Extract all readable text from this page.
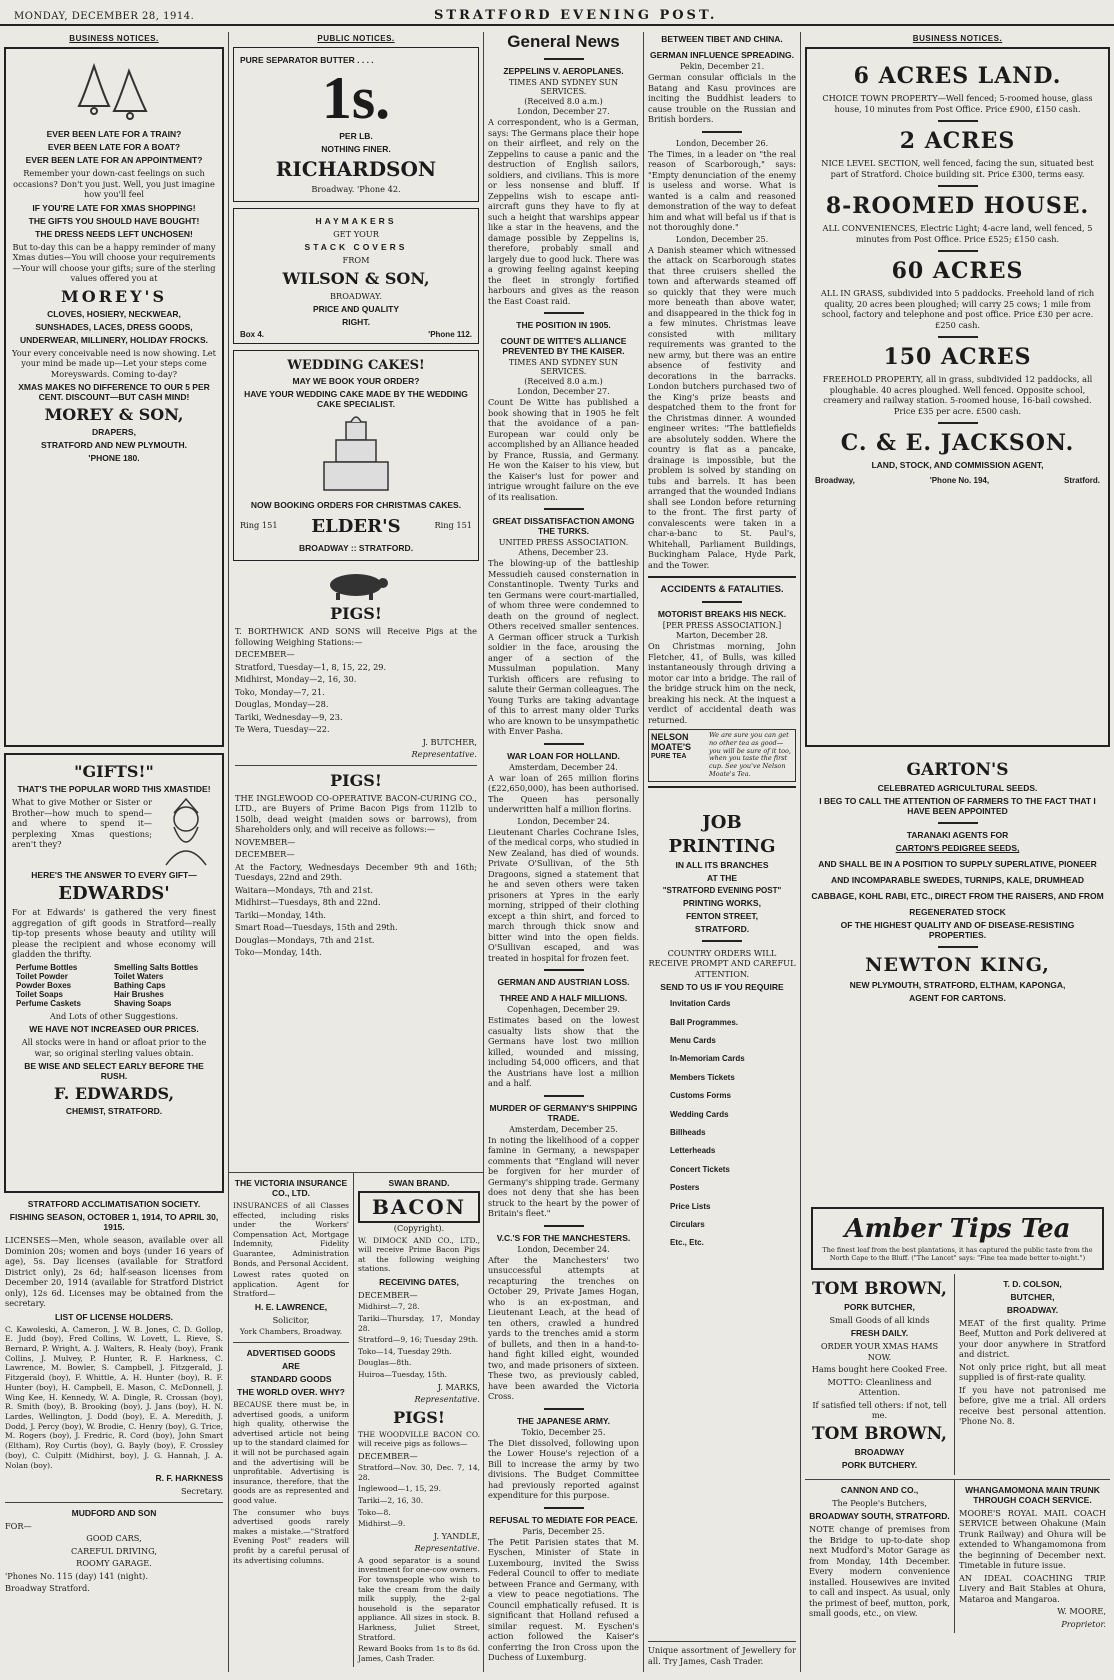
MONDAY, DECEMBER 28, 1914.	STRATFORD EVENING POST.
BUSINESS NOTICES.
EVER BEEN LATE FOR A TRAIN?
EVER BEEN LATE FOR A BOAT?
EVER BEEN LATE FOR AN APPOINTMENT?
Remember your down-cast feelings on such occasions? Don't you just. Well, you just imagine how you'll feel
IF YOU'RE LATE FOR XMAS SHOPPING!
THE GIFTS YOU SHOULD HAVE BOUGHT!
THE DRESS NEEDS LEFT UNCHOSEN!
But to-day this can be a happy reminder of many Xmas duties—You will choose your requirements—Your will choose your gifts; sure of the sterling values offered you at
MOREY'S
CLOVES, HOSIERY, NECKWEAR,
SUNSHADES, LACES, DRESS GOODS,
UNDERWEAR, MILLINERY, HOLIDAY FROCKS.
Your every conceivable need is now showing. Let your mind be made up—Let your steps come Moreyswards. Coming to-day?
XMAS MAKES NO DIFFERENCE TO OUR 5 PER CENT. DISCOUNT—BUT CASH MIND!
MOREY & SON,
DRAPERS,
STRATFORD AND NEW PLYMOUTH.
'PHONE 180.
"GIFTS!"
THAT'S THE POPULAR WORD THIS XMASTIDE!
What to give Mother or Sister or Brother—how much to spend—and where to spend it—perplexing Xmas questions; aren't they?
HERE'S THE ANSWER TO EVERY GIFT—
EDWARDS'
For at Edwards' is gathered the very finest aggregation of gift goods in Stratford—really tip-top presents whose beauty and utility will please the recipient and whose economy will gladden the thrifty.
Perfume Bottles	Smelling Salts Bottles
Toilet Powder	Toilet Waters
Powder Boxes	Bathing Caps
Toilet Soaps	Hair Brushes
Perfume Caskets	Shaving Soaps
And Lots of other Suggestions.
WE HAVE NOT INCREASED OUR PRICES.
All stocks were in hand or afloat prior to the war, so original sterling values obtain.
BE WISE AND SELECT EARLY BEFORE THE RUSH.
F. EDWARDS,
CHEMIST, STRATFORD.
STRATFORD ACCLIMATISATION SOCIETY.
FISHING SEASON, OCTOBER 1, 1914, TO APRIL 30, 1915.
LICENSES—Men, whole season, available over all Dominion 20s; women and boys (under 16 years of age), 5s. Day licenses (available for Stratford District only), 2s 6d; half-season licenses from December 20, 1914 (available for Stratford District only), 12s 6d. Licenses may be obtained from the secretary.
LIST OF LICENSE HOLDERS.
C. Kawoleski, A. Cameron, J. W. B. Jones, C. D. Gollop, E. Judd (boy), Fred Collins, W. Lovett, L. Rieve, S. Bernard, P. Wright, A. J. Walters, R. Healy (boy), Frank Collins, J. Mulvey, P. Hunter, R. F. Harkness, C. Lawrence, M. Bowler, S. Campbell, J. Fitzgerald, J. Fitzgerald (boy), F. Whittle, A. H. Hunter (boy), R. F. Hunter (boy), H. Campbell, E. Mason, C. McDonnell, J. Wing Kee, H. Kennedy, W. A. Dingle, R. Crossan (boy), R. Smith (boy), B. Brooking (boy), J. Jans (boy), H. N. Lardes, Wellington, J. Dodd (boy), E. A. Meredith, J. Dodd, J. Percy (boy), W. Brodie, C. Henry (boy), G. Trice, M. Rogers (boy), J. Fredric, R. Cord (boy), John Smart (Eltham), Roy Curtis (boy), G. Bayly (boy), F. Crossley (boy), C. Culpitt (Midhirst, boy), J. G. Hannah, J. A. Nolan (boy).
R. F. HARKNESS
Secretary.
MUDFORD AND SON
FOR—
GOOD CARS,
CAREFUL DRIVING,
ROOMY GARAGE.
'Phones No. 115 (day) 141 (night).
Broadway Stratford.
PUBLIC NOTICES.
PURE SEPARATOR BUTTER . . . .
1s.
PER LB.
NOTHING FINER.
RICHARDSON
Broadway. 'Phone 42.
HAYMAKERS
GET YOUR
STACK COVERS
FROM
WILSON & SON,
BROADWAY.
PRICE AND QUALITY
RIGHT.
Box 4.	'Phone 112.
WEDDING CAKES!
MAY WE BOOK YOUR ORDER?
HAVE YOUR WEDDING CAKE MADE BY THE WEDDING CAKE SPECIALIST.
NOW BOOKING ORDERS FOR CHRISTMAS CAKES.
Ring 151 ELDER'S	Ring 151
BROADWAY :: STRATFORD.
PIGS!
T. BORTHWICK AND SONS will Receive Pigs at the following Weighing Stations:—
DECEMBER—
Stratford, Tuesday—1, 8, 15, 22, 29.
Midhirst, Monday—2, 16, 30.
Toko, Monday—7, 21.
Douglas, Monday—28.
Tariki, Wednesday—9, 23.
Te Wera, Tuesday—22.
J. BUTCHER,
Representative.
PIGS!
THE INGLEWOOD CO-OPERATIVE BACON-CURING CO., LTD., are Buyers of Prime Bacon Pigs from 112lb to 150lb, dead weight (maiden sows or barrows), from Shareholders only, and will receive as follows:—
NOVEMBER—
DECEMBER—
At the Factory, Wednesdays December 9th and 16th; Tuesdays, 22nd and 29th.
Waitara—Mondays, 7th and 21st.
Midhirst—Tuesdays, 8th and 22nd.
Tariki—Monday, 14th.
Smart Road—Tuesdays, 15th and 29th.
Douglas—Mondays, 7th and 21st.
Toko—Monday, 14th.
THE VICTORIA INSURANCE CO., LTD.
INSURANCES of all Classes effected, including risks under the Workers' Compensation Act, Mortgage Indemnity, Fidelity Guarantee, Administration Bonds, and Personal Accident.
Lowest rates quoted on application. Agent for Stratford—
H. E. LAWRENCE,
Solicitor,
York Chambers, Broadway.
ADVERTISED GOODS
ARE
STANDARD GOODS
THE WORLD OVER. WHY?
BECAUSE there must be, in advertised goods, a uniform high quality, otherwise the advertised article not being up to the standard claimed for it will not be purchased again and the advertising will be unprofitable. Advertising is insurance, therefore, that the goods are as represented and good value.
The consumer who buys advertised goods rarely makes a mistake.—"Stratford Evening Post" readers will profit by a careful perusal of its advertising columns.
SWAN BRAND.
BACON
(Copyright).
W. DIMOCK AND CO., LTD., will receive Prime Bacon Pigs at the following weighing stations.
RECEIVING DATES,
DECEMBER—
Midhirst—7, 28.
Tariki—Thursday, 17, Monday 28.
Stratford—9, 16; Tuesday 29th.
Toko—14, Tuesday 29th.
Douglas—8th.
Huiroa—Tuesday, 15th.
J. MARKS,
Representative.
PIGS!
THE WOODVILLE BACON CO. will receive pigs as follows—
DECEMBER—
Stratford—Nov. 30, Dec. 7, 14, 28.
Inglewood—1, 15, 29.
Tariki—2, 16, 30.
Toko—8.
Midhirst—9.
J. YANDLE,
Representative.
A good separator is a sound investment for one-cow owners. For townspeople who wish to take the cream from the daily milk supply, the 2-gal household is the separator appliance. All sizes in stock. B. Harkness, Juliet Street, Stratford.
Reward Books from 1s to 8s 6d. James, Cash Trader.
General News
ZEPPELINS V. AEROPLANES.
TIMES AND SYDNEY SUN SERVICES.
(Received 8.0 a.m.)
London, December 27.
A correspondent, who is a German, says: The Germans place their hope on their airfleet, and rely on the Zeppelins to cause a panic and the destruction of English sailors, soldiers, and civilians. This is more or less nonsense and bluff. If Zeppelins wish to escape anti-aircraft guns they have to fly at such a height that warships appear like a star in the heavens, and the damage possible by Zeppelins is, therefore, probably small and largely due to good luck. There was a growing feeling against keeping the fleet in strongly fortified harbours and gives as the reason the East Coast raid.
THE POSITION IN 1905.
COUNT DE WITTE'S ALLIANCE PREVENTED BY THE KAISER.
TIMES AND SYDNEY SUN SERVICES.
(Received 8.0 a.m.)
London, December 27.
Count De Witte has published a book showing that in 1905 he felt that the avoidance of a pan-European war could only be accomplished by an Alliance headed by France, Russia, and Germany. He won the Kaiser to his view, but the Kaiser's lust for power and intrigue wrought failure on the eve of its realisation.
GREAT DISSATISFACTION AMONG THE TURKS.
UNITED PRESS ASSOCIATION.
Athens, December 23.
The blowing-up of the battleship Messudieh caused consternation in Constantinople. Twenty Turks and ten Germans were court-martialled, of whom three were condemned to death on the ground of neglect. Others received smaller sentences. A German officer struck a Turkish soldier in the face, arousing the anger of a section of the Mussulman population. Many Turkish officers are refusing to salute their German colleagues. The Young Turks are taking advantage of this to arrest many older Turks who are known to be unsympathetic with Enver Pasha.
WAR LOAN FOR HOLLAND.
Amsterdam, December 24.
A war loan of 265 million florins (£22,650,000), has been authorised. The Queen has personally underwritten half a million florins.
London, December 24.
Lieutenant Charles Cochrane Isles, of the medical corps, who studied in New Zealand, has died of wounds. Private O'Sullivan, of the 5th Dragoons, signed a statement that he and seven others were taken prisoners at Ypres in the early morning, stripped of their clothing except a thin shirt, and forced to march through thick snow and bitter wind into the open fields. O'Sullivan escaped, and was treated in hospital for frozen feet.
GERMAN AND AUSTRIAN LOSS.
THREE AND A HALF MILLIONS.
Copenhagen, December 29.
Estimates based on the lowest casualty lists show that the Germans have lost two million killed, wounded and missing, including 54,000 officers, and that the Austrians have lost a million and a half.
MURDER OF GERMANY'S SHIPPING TRADE.
Amsterdam, December 25.
In noting the likelihood of a copper famine in Germany, a newspaper comments that "England will never be forgiven for her murder of Germany's shipping trade. Germany does not deny that she has been struck to the heart by the power of Britain's fleet."
V.C.'S FOR THE MANCHESTERS.
London, December 24.
After the Manchesters' two unsuccessful attempts at recapturing the trenches on October 29, Private James Hogan, who is an ex-postman, and Lieutenant Leach, at the head of ten others, crawled a hundred yards to the trenches amid a storm of bullets, and then in a hand-to-hand fight killed eight, wounded two, and made prisoners of sixteen. These two, as previously cabled, have been awarded the Victoria Cross.
THE JAPANESE ARMY.
Tokio, December 25.
The Diet dissolved, following upon the Lower House's rejection of a Bill to increase the army by two divisions. The Budget Committee had previously reported against expenditure for this purpose.
REFUSAL TO MEDIATE FOR PEACE.
Paris, December 25.
The Petit Parisien states that M. Eyschen, Minister of State in Luxembourg, invited the Swiss Federal Council to offer to mediate between France and Germany, with a view to peace negotiations. The Council emphatically refused. It is significant that Holland refused a similar request. M. Eyschen's action followed the Kaiser's conferring the Iron Cross upon the Duchess of Luxemburg.
BETWEEN TIBET AND CHINA.
GERMAN INFLUENCE SPREADING.
Pekin, December 21.
German consular officials in the Batang and Kasu provinces are inciting the Buddhist leaders to cause trouble on the Russian and British borders.
London, December 26.
The Times, in a leader on "the real reason of Scarborough," says: "Empty denunciation of the enemy is useless and worse. What is wanted is a calm and reasoned demonstration of the way to defeat him and what will befal us if that is not thoroughly done."
London, December 25.
A Danish steamer which witnessed the attack on Scarborough states that three cruisers shelled the town and afterwards steamed off so quickly that they were much more beneath than above water, and disappeared in the thick fog in a few minutes. Christmas leave consisted with military requirements was granted to the new army, but there was an entire absence of festivity and decorations in the barracks. London butchers purchased two of the King's prize beasts and despatched them to the front for the Christmas dinner. A wounded engineer writes: "The battlefields are absolutely sodden. Where the country is flat as a pancake, drainage is impossible, but the problem is solved by standing on tubs and barrels. It has been arranged that the wounded Indians shall see London before returning to the front. The first party of convalescents were taken in a char-a-banc to St. Paul's, Whitehall, Parliament Buildings, Buckingham Palace, Hyde Park, and the Tower.
ACCIDENTS & FATALITIES.
MOTORIST BREAKS HIS NECK.
[PER PRESS ASSOCIATION.]
Marton, December 28.
On Christmas morning, John Fletcher, 41, of Bulls, was killed instantaneously through driving a motor car into a bridge. The rail of the bridge struck him on the neck, breaking his neck. At the inquest a verdict of accidental death was returned.
NELSON
MOATE'S
PURE TEA
We are sure you can get no other tea as good—you will be sure of it too, when you taste the first cup. See you've Nelson Moate's Tea.
JOB
PRINTING
IN ALL ITS BRANCHES
AT THE
"STRATFORD EVENING POST"
PRINTING WORKS,
FENTON STREET,
STRATFORD.
COUNTRY ORDERS WILL RECEIVE PROMPT AND CAREFUL ATTENTION.
SEND TO US IF YOU REQUIRE
Invitation Cards
Ball Programmes.
Menu Cards
In-Memoriam Cards
Members Tickets
Customs Forms
Wedding Cards
Billheads
Letterheads
Concert Tickets
Posters
Price Lists
Circulars
Etc., Etc.
Unique assortment of Jewellery for all. Try James, Cash Trader.
BUSINESS NOTICES.
6 ACRES LAND.
CHOICE TOWN PROPERTY—Well fenced; 5-roomed house, glass house, 10 minutes from Post Office. Price £900, £150 cash.
2 ACRES
NICE LEVEL SECTION, well fenced, facing the sun, situated best part of Stratford. Choice building sit. Price £300, terms easy.
8-ROOMED HOUSE.
ALL CONVENIENCES, Electric Light; 4-acre land, well fenced, 5 minutes from Post Office. Price £525; £150 cash.
60 ACRES
ALL IN GRASS, subdivided into 5 paddocks. Freehold land of rich quality, 20 acres been ploughed; will carry 25 cows; 1 mile from school, factory and telephone and post office. Price £30 per acre. £250 cash.
150 ACRES
FREEHOLD PROPERTY, all in grass, subdivided 12 paddocks, all ploughable. 40 acres ploughed. Well fenced. Opposite school, creamery and railway station. 5-roomed house, 16-bail cowshed. Price £35 per acre. £500 cash.
C. & E. JACKSON.
LAND, STOCK, AND COMMISSION AGENT,
Broadway,	'Phone No. 194,	Stratford.
GARTON'S
CELEBRATED AGRICULTURAL SEEDS.
I BEG TO CALL THE ATTENTION OF FARMERS TO THE FACT THAT I HAVE BEEN APPOINTED
TARANAKI AGENTS FOR
CARTON'S PEDIGREE SEEDS,
AND SHALL BE IN A POSITION TO SUPPLY SUPERLATIVE, PIONEER AND INCOMPARABLE SWEDES, TURNIPS, KALE, DRUMHEAD CABBAGE, KOHL RABI, ETC., DIRECT FROM THE RAISERS, AND FROM
REGENERATED STOCK
OF THE HIGHEST QUALITY AND OF DISEASE-RESISTING PROPERTIES.
NEWTON KING,
NEW PLYMOUTH, STRATFORD, ELTHAM, KAPONGA,
AGENT FOR CARTONS.
Amber Tips Tea
The finest leaf from the best plantations, it has captured the public taste from the North Cape to the Bluff. ("The Lancet" says: "Fine tea made better to-night.")
TOM BROWN,
PORK BUTCHER,
Small Goods of all kinds
FRESH DAILY.
ORDER YOUR XMAS HAMS NOW.
Hams bought here Cooked Free.
MOTTO: Cleanliness and Attention.
If satisfied tell others: if not, tell me.
TOM BROWN,
BROADWAY
PORK BUTCHERY.
T. D. COLSON,
BUTCHER,
BROADWAY.
MEAT of the first quality. Prime Beef, Mutton and Pork delivered at your door anywhere in Stratford and district.
Not only price right, but all meat supplied is of first-rate quality.
If you have not patronised me before, give me a trial. All orders receive best personal attention. 'Phone No. 8.
CANNON AND CO.,
The People's Butchers,
BROADWAY SOUTH, STRATFORD.
NOTE change of premises from the Bridge to up-to-date shop next Mudford's Motor Garage as from Monday, 14th December. Every modern convenience installed. Housewives are invited to call and inspect. As usual, only the primest of beef, mutton, pork, small goods, etc., on view.
WHANGAMOMONA MAIN TRUNK THROUGH COACH SERVICE.
MOORE'S ROYAL MAIL COACH SERVICE between Ohakune (Main Trunk Railway) and Ohura will be extended to Whangamomona from the beginning of December next. Timetable in future issue.
AN IDEAL COACHING TRIP. Livery and Bait Stables at Ohura, Mataroa and Mangaroa.
W. MOORE,
Proprietor.
